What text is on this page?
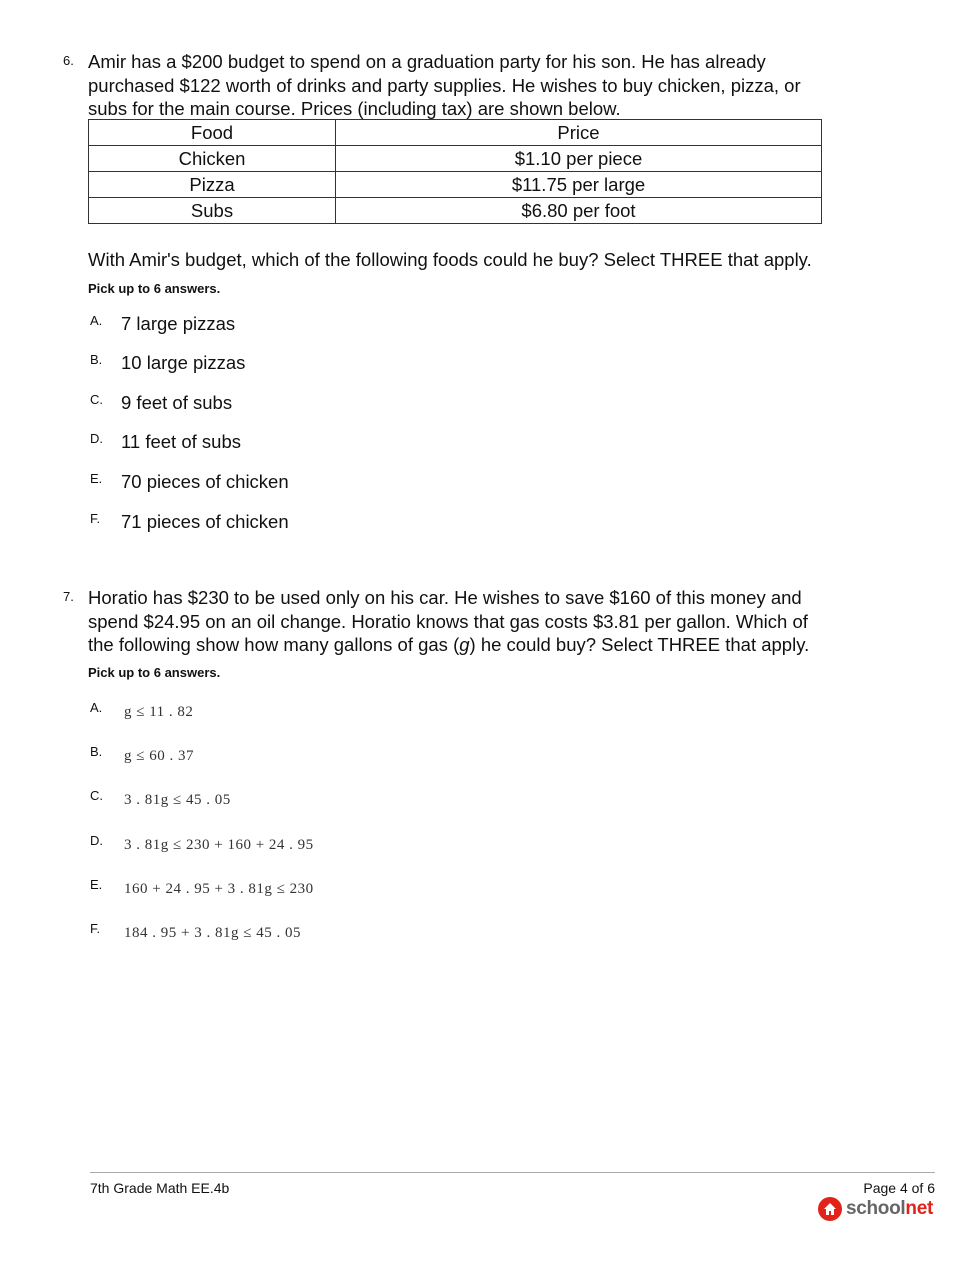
6. Amir has a $200 budget to spend on a graduation party for his son. He has already
purchased $122 worth of drinks and party supplies. He wishes to buy chicken, pizza, or
subs for the main course. Prices (including tax) are shown below.
Food	Price
Chicken	$1.10 per piece
Pizza	$11.75 per large
Subs	$6.80 per foot
With Amir's budget, which of the following foods could he buy? Select THREE that apply.
Pick up to 6 answers.
A. 7 large pizzas
B. 10 large pizzas
C. 9 feet of subs
D. 11 feet of subs
E. 70 pieces of chicken
F. 71 pieces of chicken
7. Horatio has $230 to be used only on his car. He wishes to save $160 of this money and
spend $24.95 on an oil change. Horatio knows that gas costs $3.81 per gallon. Which of
the following show how many gallons of gas (g) he could buy? Select THREE that apply.
Pick up to 6 answers.
A. g ≤ 11 . 82
B. g ≤ 60 . 37
C. 3 . 81g ≤ 45 . 05
D. 3 . 81g ≤ 230 + 160 + 24 . 95
E. 160 + 24 . 95 + 3 . 81g ≤ 230
F. 184 . 95 + 3 . 81g ≤ 45 . 05
7th Grade Math EE.4b	Page 4 of 6
schoolnet
